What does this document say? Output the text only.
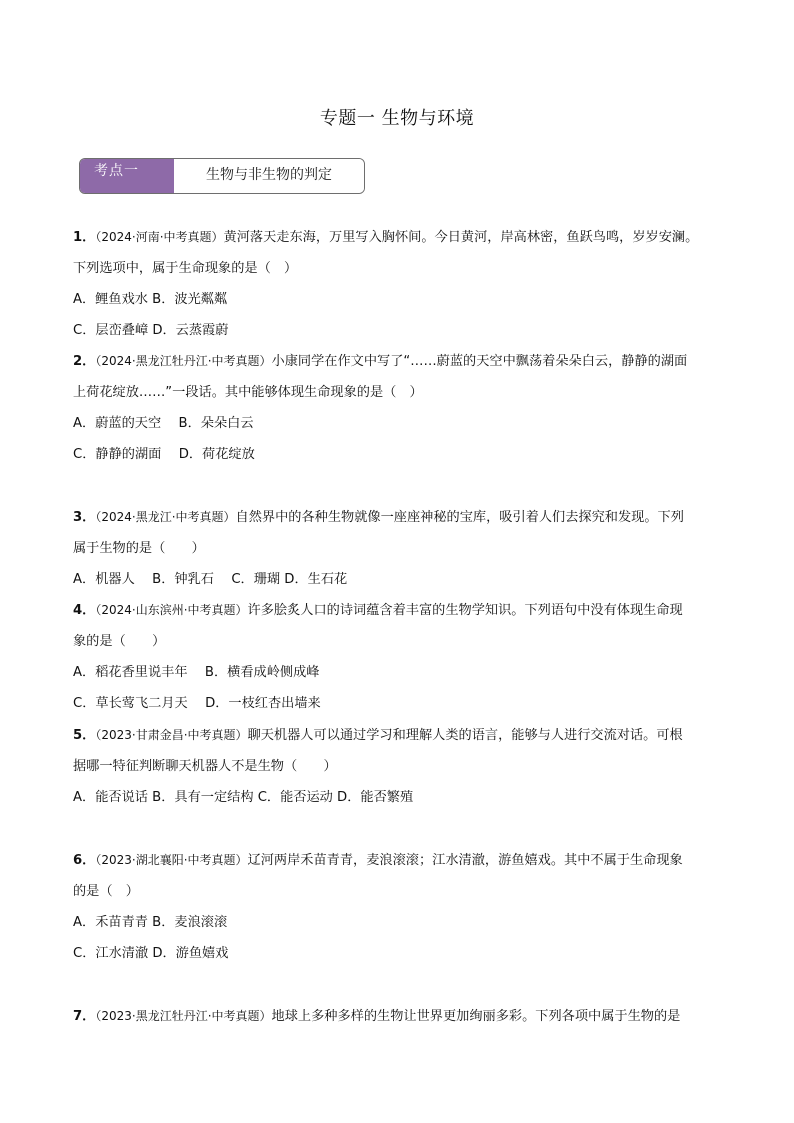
专题一 生物与环境
考点一	生物与非生物的判定
1．（2024·河南·中考真题）黄河落天走东海，万里写入胸怀间。今日黄河，岸高林密，鱼跃鸟鸣，岁岁安澜。
下列选项中，属于生命现象的是（　）
A．鲤鱼戏水 B．波光粼粼
C．层峦叠嶂 D．云蒸霞蔚
2．（2024·黑龙江牡丹江·中考真题）小康同学在作文中写了“……蔚蓝的天空中飘荡着朵朵白云，静静的湖面
上荷花绽放……”一段话。其中能够体现生命现象的是（　）
A．蔚蓝的天空　 B．朵朵白云
C．静静的湖面　 D．荷花绽放
3．（2024·黑龙江·中考真题）自然界中的各种生物就像一座座神秘的宝库，吸引着人们去探究和发现。下列
属于生物的是（　　）
A．机器人　 B．钟乳石　 C．珊瑚 D．生石花
4．（2024·山东滨州·中考真题）许多脍炙人口的诗词蕴含着丰富的生物学知识。下列语句中没有体现生命现
象的是（　　）
A．稻花香里说丰年　 B．横看成岭侧成峰
C．草长莺飞二月天　 D．一枝红杏出墙来
5．（2023·甘肃金昌·中考真题）聊天机器人可以通过学习和理解人类的语言，能够与人进行交流对话。可根
据哪一特征判断聊天机器人不是生物（　　）
A．能否说话 B．具有一定结构 C．能否运动 D．能否繁殖
6．（2023·湖北襄阳·中考真题）辽河两岸禾苗青青，麦浪滚滚；江水清澈，游鱼嬉戏。其中不属于生命现象
的是（　）
A．禾苗青青 B．麦浪滚滚
C．江水清澈 D．游鱼嬉戏
7．（2023·黑龙江牡丹江·中考真题）地球上多种多样的生物让世界更加绚丽多彩。下列各项中属于生物的是
